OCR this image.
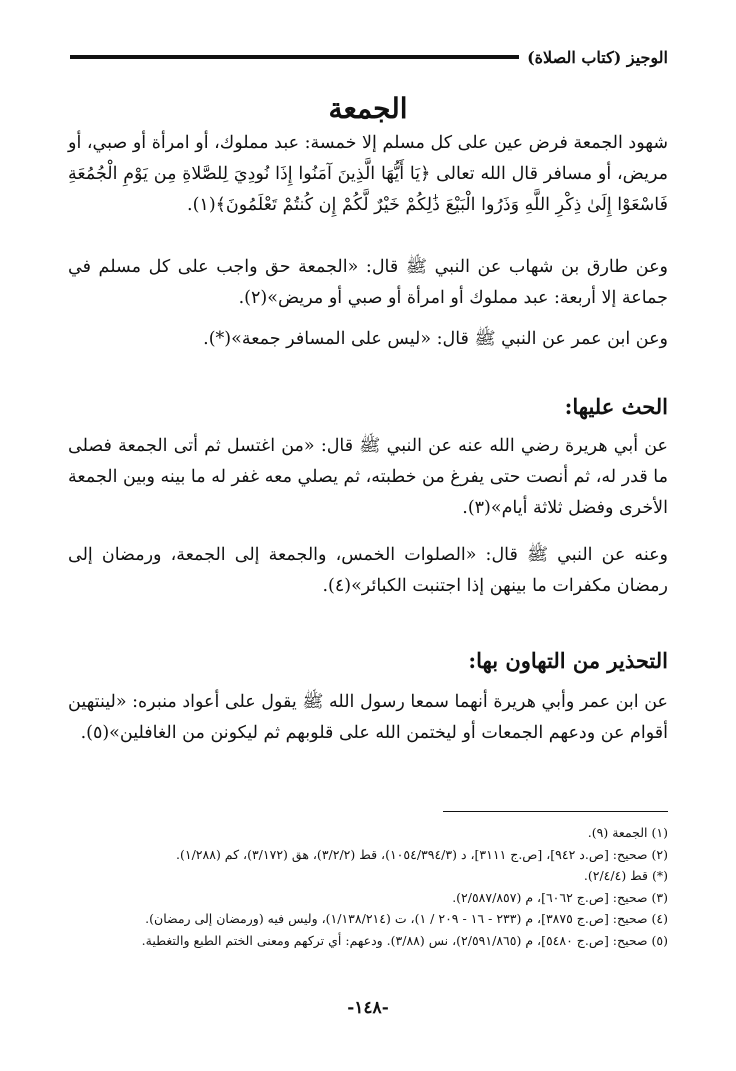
الوجيز (كتاب الصلاة)
الجمعة

شهود الجمعة فرض عين على كل مسلم إلا خمسة: عبد مملوك، أو امرأة أو صبي، أو مريض، أو مسافر قال الله تعالى ﴿يَا أَيُّهَا الَّذِينَ آمَنُوا إِذَا نُودِيَ لِلصَّلاةِ مِن يَوْمِ الْجُمُعَةِ فَاسْعَوْا إِلَىٰ ذِكْرِ اللَّهِ وَذَرُوا الْبَيْعَ ذَٰلِكُمْ خَيْرٌ لَّكُمْ إِن كُنتُمْ تَعْلَمُونَ﴾(١).

وعن طارق بن شهاب عن النبي ﷺ قال: «الجمعة حق واجب على كل مسلم في جماعة إلا أربعة: عبد مملوك أو امرأة أو صبي أو مريض»(٢).

وعن ابن عمر عن النبي ﷺ قال: «ليس على المسافر جمعة»(*).

الحث عليها:

عن أبي هريرة رضي الله عنه عن النبي ﷺ قال: «من اغتسل ثم أتى الجمعة فصلى ما قدر له، ثم أنصت حتى يفرغ من خطبته، ثم يصلي معه غفر له ما بينه وبين الجمعة الأخرى وفضل ثلاثة أيام»(٣).

وعنه عن النبي ﷺ قال: «الصلوات الخمس، والجمعة إلى الجمعة، ورمضان إلى رمضان مكفرات ما بينهن إذا اجتنبت الكبائر»(٤).

التحذير من التهاون بها:

عن ابن عمر وأبي هريرة أنهما سمعا رسول الله ﷺ يقول على أعواد منبره: «لينتهين أقوام عن ودعهم الجمعات أو ليختمن الله على قلوبهم ثم ليكونن من الغافلين»(٥).

(١) الجمعة (٩).
(٢) صحيح: [ص.د ٩٤٢]، [ص.ج ٣١١١]، د (١٠٥٤/٣٩٤/٣)، قط (٣/٢/٢)، هق (٣/١٧٢)، كم (١/٢٨٨).
(*) قط (٢/٤/٤).
(٣) صحيح: [ص.ج ٦٠٦٢]، م (٢/٥٨٧/٨٥٧).
(٤) صحيح: [ص.ج ٣٨٧٥]، م (٢٣٣ - ١٦ - ٢٠٩ / ١)، ت (١/١٣٨/٢١٤)، وليس فيه (ورمضان إلى رمضان).
(٥) صحيح: [ص.ج ٥٤٨٠]، م (٢/٥٩١/٨٦٥)، نس (٣/٨٨). ودعهم: أي تركهم ومعنى الختم الطبع والتغطية.
-١٤٨-
